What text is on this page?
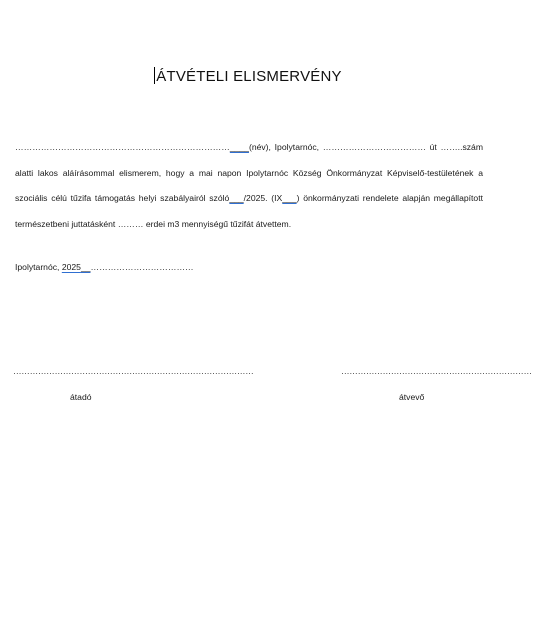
ÁTVÉTELI ELISMERVÉNY
…………………………………………………………………____(név), Ipolytarnóc, ……………………………… út ……..szám alatti lakos aláírásommal elismerem, hogy a mai napon Ipolytarnóc Község Önkormányzat Képviselő-testületének a szociális célú tűzifa támogatás helyi szabályairól szóló___/2025. (IX___) önkormányzati rendelete alapján megállapított természetbeni juttatásként ……… erdei m3 mennyiségű tűzifát átvettem.
Ipolytarnóc, 2025__………………………………
……………………………………………………………………………	……………………………………………………………
átadó	átvevő
